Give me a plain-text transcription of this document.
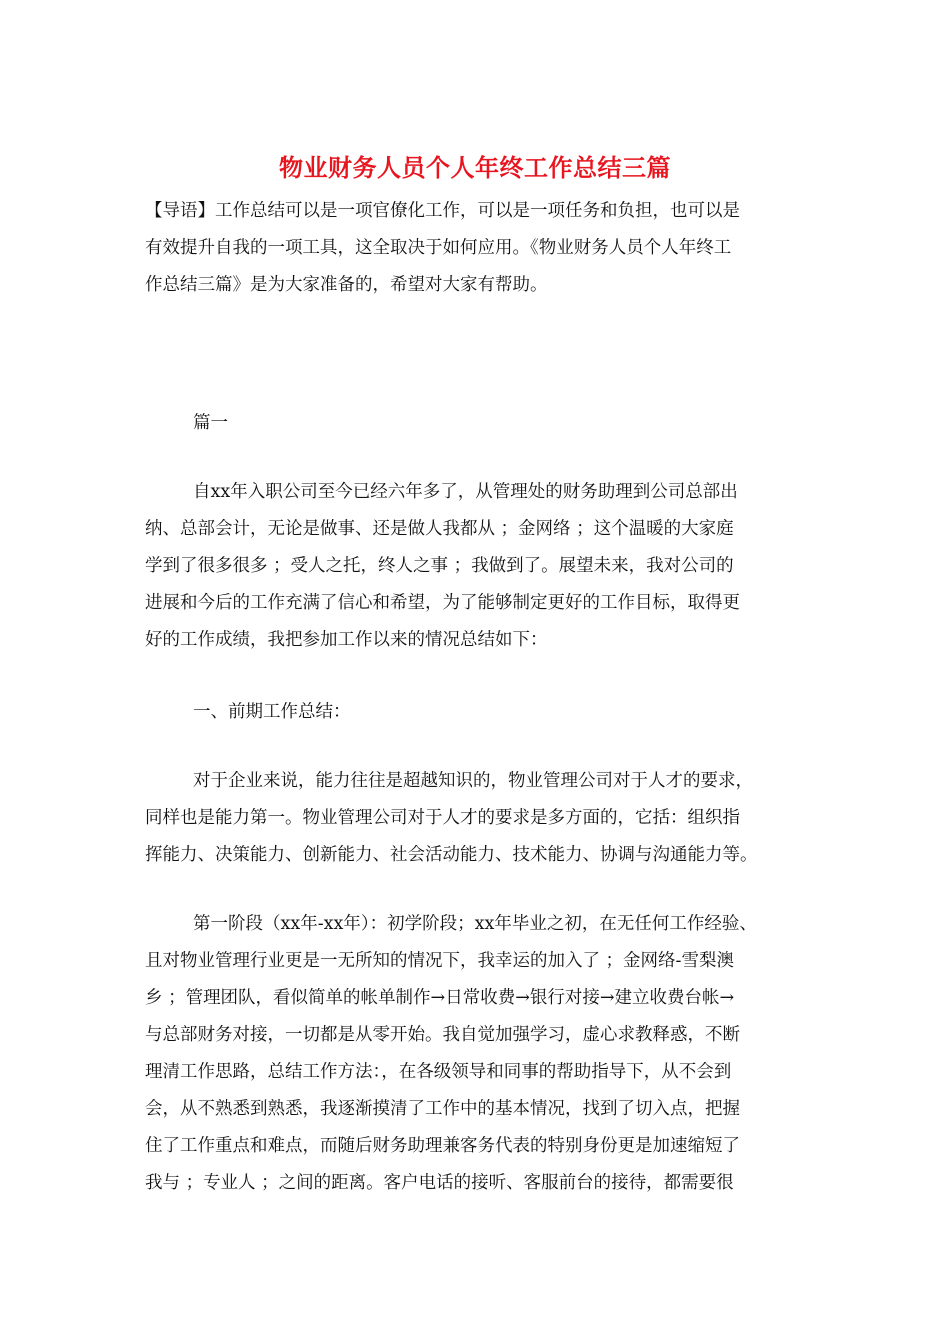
物业财务人员个人年终工作总结三篇
【导语】工作总结可以是一项官僚化工作，可以是一项任务和负担，也可以是
有效提升自我的一项工具，这全取决于如何应用。《物业财务人员个人年终工
作总结三篇》是为大家准备的，希望对大家有帮助。
篇一
自xx年入职公司至今已经六年多了，从管理处的财务助理到公司总部出
纳、总部会计，无论是做事、还是做人我都从 ；金网络 ；这个温暖的大家庭
学到了很多很多 ；受人之托，终人之事 ；我做到了。展望未来，我对公司的
进展和今后的工作充满了信心和希望，为了能够制定更好的工作目标，取得更
好的工作成绩，我把参加工作以来的情况总结如下：
一、前期工作总结：
对于企业来说，能力往往是超越知识的，物业管理公司对于人才的要求，
同样也是能力第一。物业管理公司对于人才的要求是多方面的，它括：组织指
挥能力、决策能力、创新能力、社会活动能力、技术能力、协调与沟通能力等。
第一阶段（xx年-xx年）：初学阶段；xx年毕业之初，在无任何工作经验、
且对物业管理行业更是一无所知的情况下，我幸运的加入了 ；金网络-雪梨澳
乡 ；管理团队，看似简单的帐单制作→日常收费→银行对接→建立收费台帐→
与总部财务对接，一切都是从零开始。我自觉加强学习，虚心求教释惑，不断
理清工作思路，总结工作方法：，在各级领导和同事的帮助指导下，从不会到
会，从不熟悉到熟悉，我逐渐摸清了工作中的基本情况，找到了切入点，把握
住了工作重点和难点，而随后财务助理兼客务代表的特别身份更是加速缩短了
我与 ；专业人 ；之间的距离。客户电话的接听、客服前台的接待，都需要很
